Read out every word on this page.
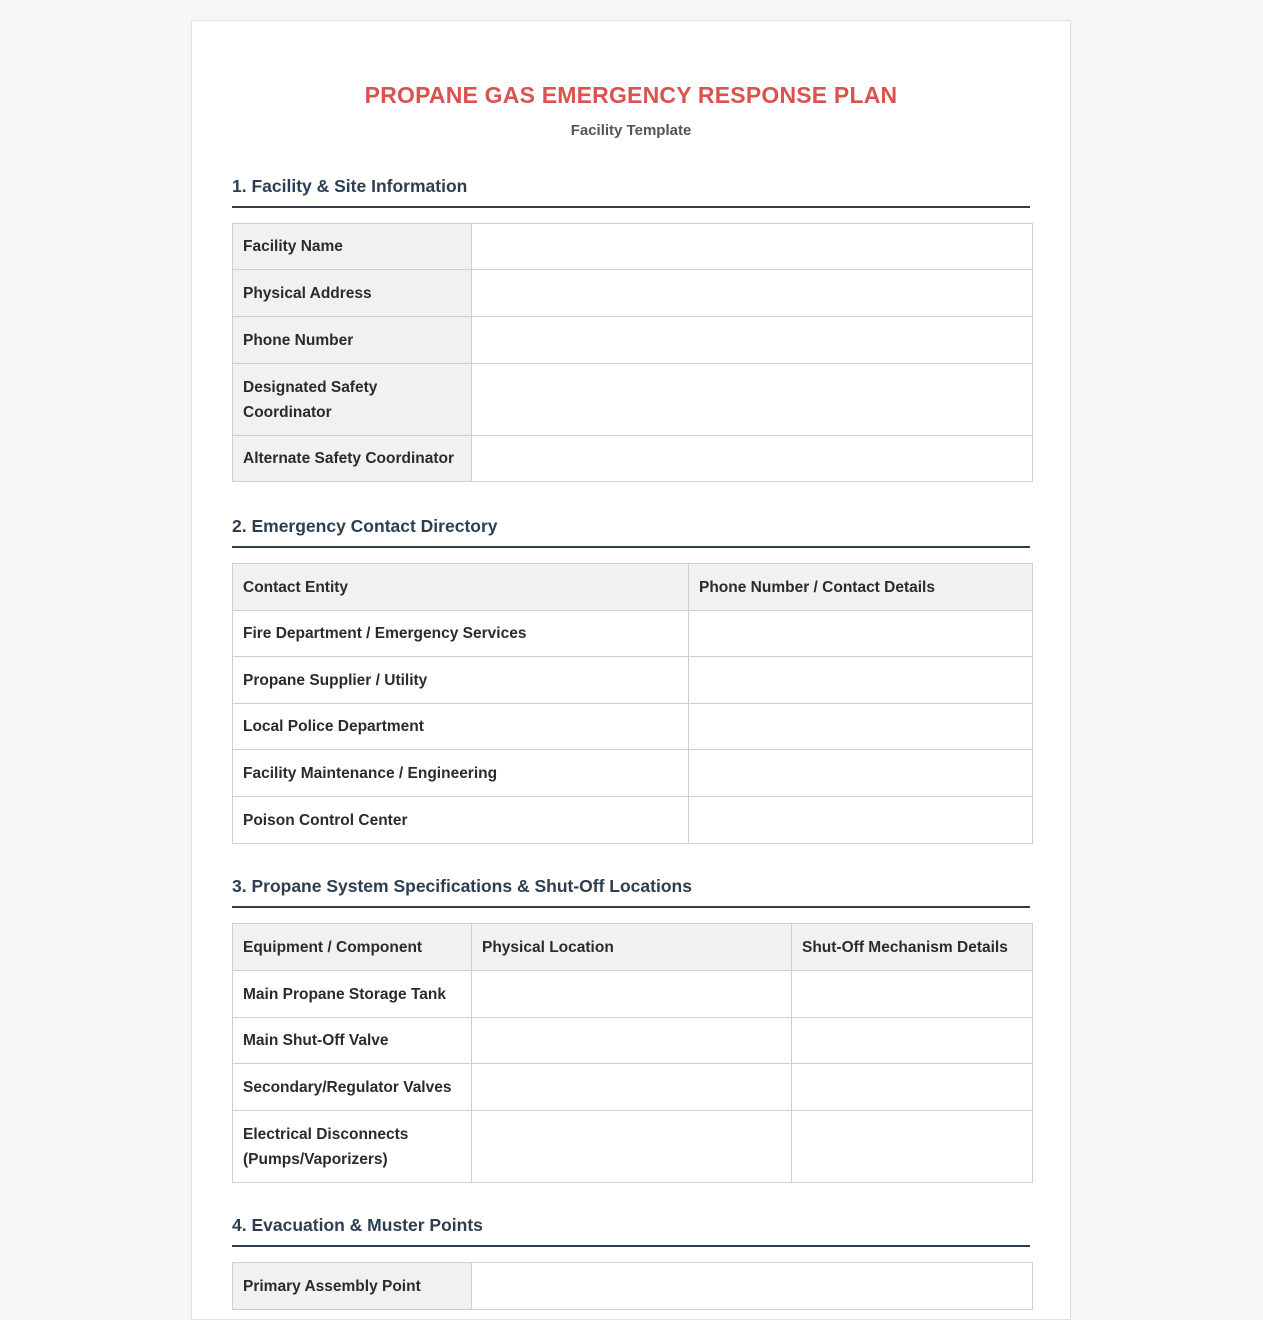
PROPANE GAS EMERGENCY RESPONSE PLAN
Facility Template
1. Facility & Site Information
Facility Name	
Physical Address	
Phone Number	
Designated Safety Coordinator	
Alternate Safety Coordinator	
2. Emergency Contact Directory
Contact Entity	Phone Number / Contact Details
Fire Department / Emergency Services	
Propane Supplier / Utility	
Local Police Department	
Facility Maintenance / Engineering	
Poison Control Center	
3. Propane System Specifications & Shut-Off Locations
Equipment / Component	Physical Location	Shut-Off Mechanism Details
Main Propane Storage Tank		
Main Shut-Off Valve		
Secondary/Regulator Valves		
Electrical Disconnects (Pumps/Vaporizers)		
4. Evacuation & Muster Points
Primary Assembly Point	
